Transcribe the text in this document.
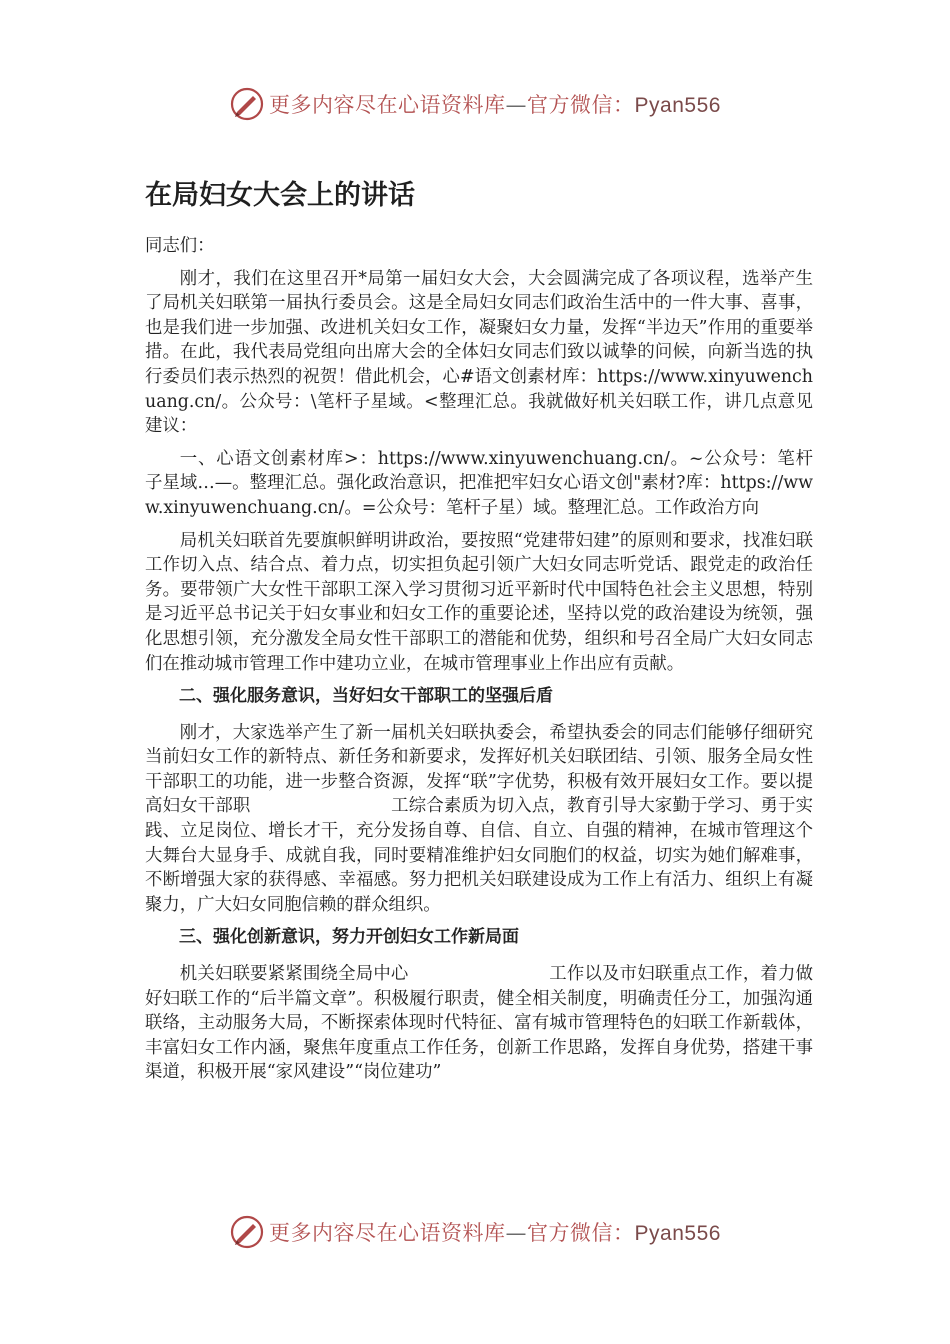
更多内容尽在心语资料库—官方微信：Pyan556
在局妇女大会上的讲话

同志们：

刚才，我们在这里召开*局第一届妇女大会，大会圆满完成了各项议程，选举产生了局机关妇联第一届执行委员会。这是全局妇女同志们政治生活中的一件大事、喜事，也是我们进一步加强、改进机关妇女工作，凝聚妇女力量，发挥“半边天”作用的重要举措。在此，我代表局党组向出席大会的全体妇女同志们致以诚挚的问候，向新当选的执行委员们表示热烈的祝贺！借此机会，心#语文创素材库：https://www.xinyuwenchuang.cn/。公众号：\笔杆子星域。<整理汇总。我就做好机关妇联工作，讲几点意见建议：

一、心语文创素材库>：https://www.xinyuwenchuang.cn/。~公众号：笔杆子星域…—。整理汇总。强化政治意识，把准把牢妇女心语文创"素材?库：https://www.xinyuwenchuang.cn/。=公众号：笔杆子星）域。整理汇总。工作政治方向

局机关妇联首先要旗帜鲜明讲政治，要按照“党建带妇建”的原则和要求，找准妇联工作切入点、结合点、着力点，切实担负起引领广大妇女同志听党话、跟党走的政治任务。要带领广大女性干部职工深入学习贯彻习近平新时代中国特色社会主义思想，特别是习近平总书记关于妇女事业和妇女工作的重要论述，坚持以党的政治建设为统领，强化思想引领，充分激发全局女性干部职工的潜能和优势，组织和号召全局广大妇女同志们在推动城市管理工作中建功立业，在城市管理事业上作出应有贡献。

二、强化服务意识，当好妇女干部职工的坚强后盾

刚才，大家选举产生了新一届机关妇联执委会，希望执委会的同志们能够仔细研究当前妇女工作的新特点、新任务和新要求，发挥好机关妇联团结、引领、服务全局女性干部职工的功能，进一步整合资源，发挥“联”字优势，积极有效开展妇女工作。要以提高妇女干部职　　　　　　　　工综合素质为切入点，教育引导大家勤于学习、勇于实践、立足岗位、增长才干，充分发扬自尊、自信、自立、自强的精神，在城市管理这个大舞台大显身手、成就自我，同时要精准维护妇女同胞们的权益，切实为她们解难事，不断增强大家的获得感、幸福感。努力把机关妇联建设成为工作上有活力、组织上有凝聚力，广大妇女同胞信赖的群众组织。

三、强化创新意识，努力开创妇女工作新局面

机关妇联要紧紧围绕全局中心　　　　　　　　工作以及市妇联重点工作，着力做好妇联工作的“后半篇文章”。积极履行职责，健全相关制度，明确责任分工，加强沟通联络，主动服务大局，不断探索体现时代特征、富有城市管理特色的妇联工作新载体，丰富妇女工作内涵，聚焦年度重点工作任务，创新工作思路，发挥自身优势，搭建干事渠道，积极开展“家风建设”“岗位建功”

更多内容尽在心语资料库—官方微信：Pyan556
